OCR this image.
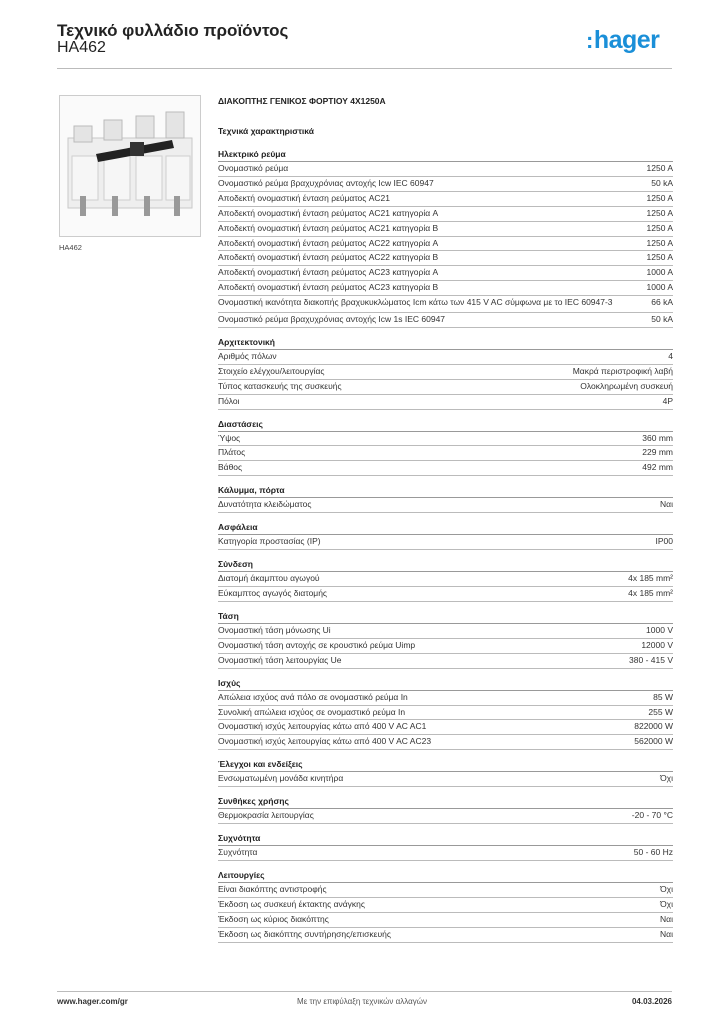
Τεχνικό φυλλάδιο προϊόντος
HA462	:hager
HA462
ΔΙΑΚΟΠΤΗΣ ΓΕΝΙΚΟΣ ΦΟΡΤΙΟΥ 4X1250A
Τεχνικά χαρακτηριστικά
Ηλεκτρικό ρεύμα
Ονομαστικό ρεύμα	1250 A
Ονομαστικό ρεύμα βραχυχρόνιας αντοχής Icw IEC 60947	50 kA
Αποδεκτή ονομαστική ένταση ρεύματος AC21	1250 A
Αποδεκτή ονομαστική ένταση ρεύματος AC21 κατηγορία A	1250 A
Αποδεκτή ονομαστική ένταση ρεύματος AC21 κατηγορία B	1250 A
Αποδεκτή ονομαστική ένταση ρεύματος AC22 κατηγορία A	1250 A
Αποδεκτή ονομαστική ένταση ρεύματος AC22 κατηγορία B	1250 A
Αποδεκτή ονομαστική ένταση ρεύματος AC23 κατηγορία A	1000 A
Αποδεκτή ονομαστική ένταση ρεύματος AC23 κατηγορία B	1000 A
Ονομαστική ικανότητα διακοπής βραχυκυκλώματος Icm κάτω των 415 V AC σύμφωνα με το IEC 60947-3	66 kA
Ονομαστικό ρεύμα βραχυχρόνιας αντοχής Icw 1s IEC 60947	50 kA
Αρχιτεκτονική
Αριθμός πόλων	4
Στοιχείο ελέγχου/λειτουργίας	Μακρά περιστροφική λαβή
Τύπος κατασκευής της συσκευής	Ολοκληρωμένη συσκευή
Πόλοι	4P
Διαστάσεις
Ύψος	360 mm
Πλάτος	229 mm
Βάθος	492 mm
Κάλυμμα, πόρτα
Δυνατότητα κλειδώματος	Ναι
Ασφάλεια
Κατηγορία προστασίας (IP)	IP00
Σύνδεση
Διατομή άκαμπτου αγωγού	4x 185 mm²
Εύκαμπτος αγωγός διατομής	4x 185 mm²
Τάση
Ονομαστική τάση μόνωσης Ui	1000 V
Ονομαστική τάση αντοχής σε κρουστικό ρεύμα Uimp	12000 V
Ονομαστική τάση λειτουργίας Ue	380 - 415 V
Ισχύς
Απώλεια ισχύος ανά πόλο σε ονομαστικό ρεύμα In	85 W
Συνολική απώλεια ισχύος σε ονομαστικό ρεύμα In	255 W
Ονομαστική ισχύς λειτουργίας κάτω από 400 V AC AC1	822000 W
Ονομαστική ισχύς λειτουργίας κάτω από 400 V AC AC23	562000 W
Έλεγχοι και ενδείξεις
Ενσωματωμένη μονάδα κινητήρα	Όχι
Συνθήκες χρήσης
Θερμοκρασία λειτουργίας	-20 - 70 °C
Συχνότητα
Συχνότητα	50 - 60 Hz
Λειτουργίες
Είναι διακόπτης αντιστροφής	Όχι
Έκδοση ως συσκευή έκτακτης ανάγκης	Όχι
Έκδοση ως κύριος διακόπτης	Ναι
Έκδοση ως διακόπτης συντήρησης/επισκευής	Ναι
www.hager.com/gr	Με την επιφύλαξη τεχνικών αλλαγών	04.03.2026
